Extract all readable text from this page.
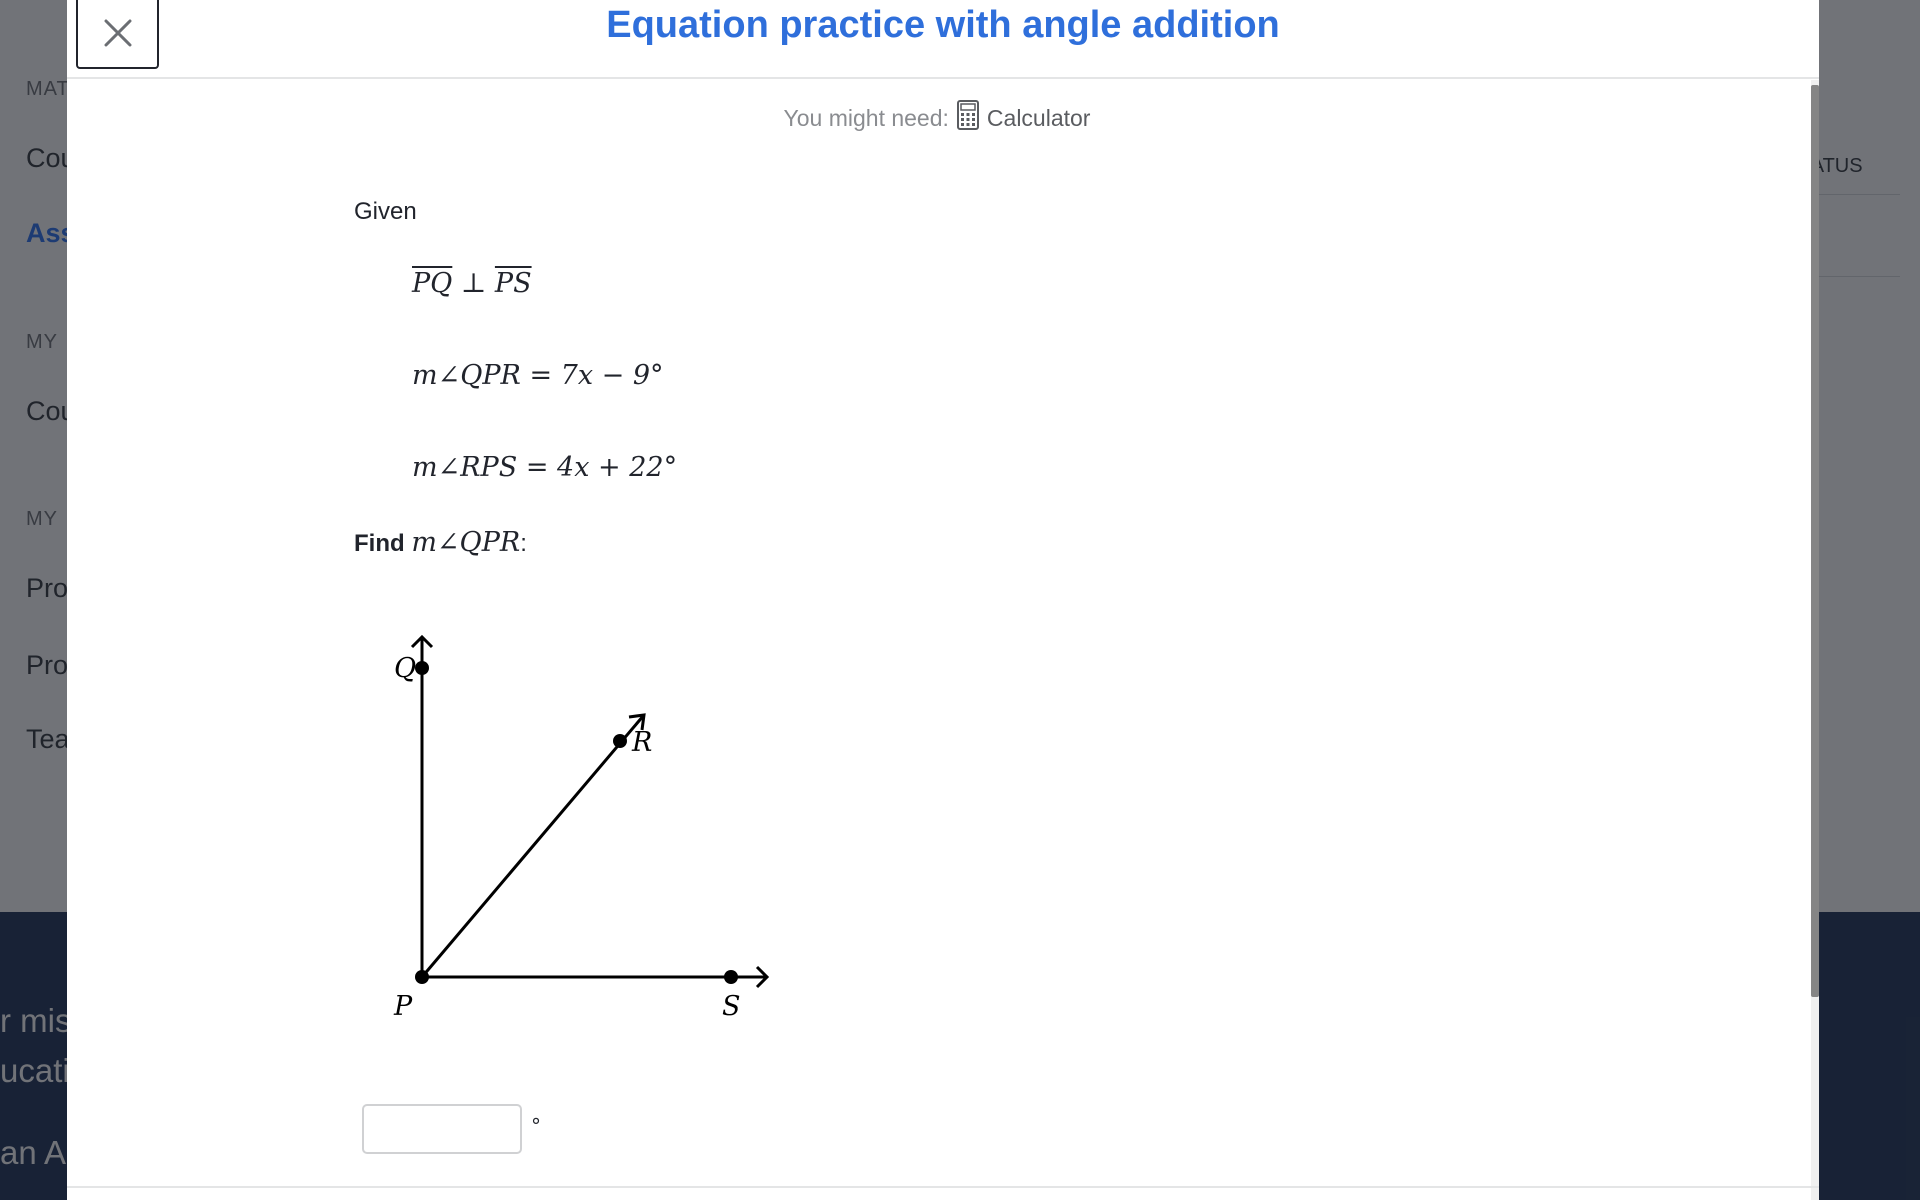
Equation practice with angle addition
You might need: Calculator
Given
$\overline{PQ}$ ⊥ $\overline{PS}$
m∠QPR = 7x − 9°
m∠RPS = 4x + 22°
Find m∠QPR:
Q
R
P	S
°
